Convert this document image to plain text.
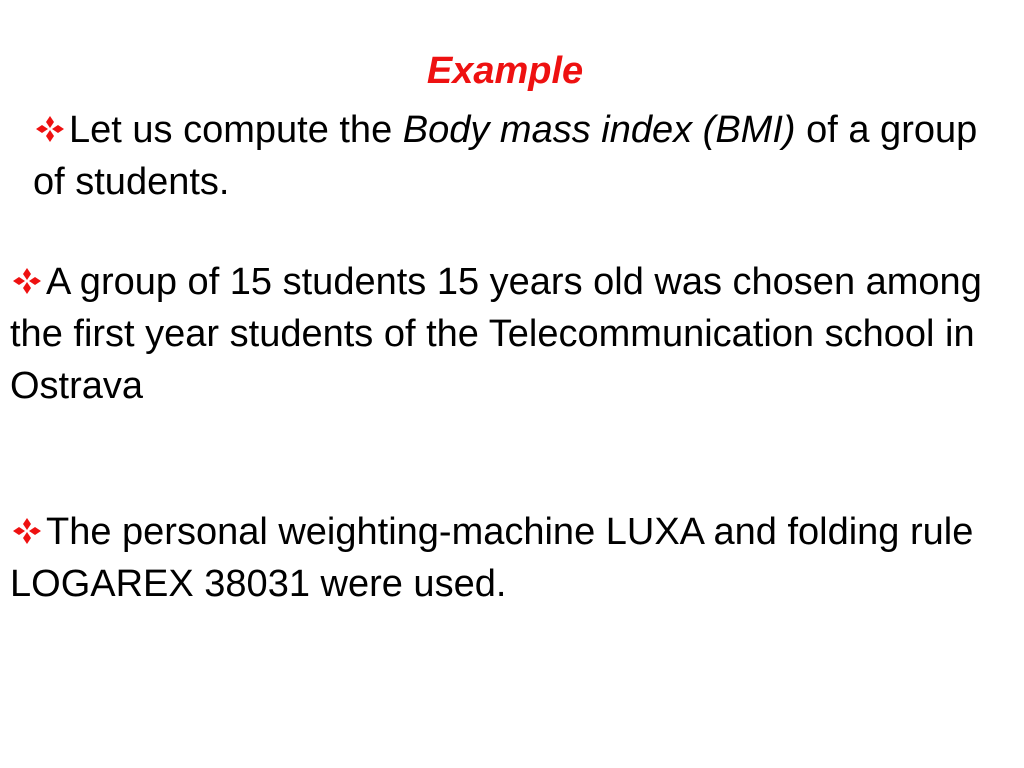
Example
Let us compute the Body mass index (BMI) of a group of students.
A group of 15 students 15 years old was chosen among the first year students of the Telecommunication school in Ostrava
The personal weighting-machine LUXA and folding rule LOGAREX 38031 were used.
